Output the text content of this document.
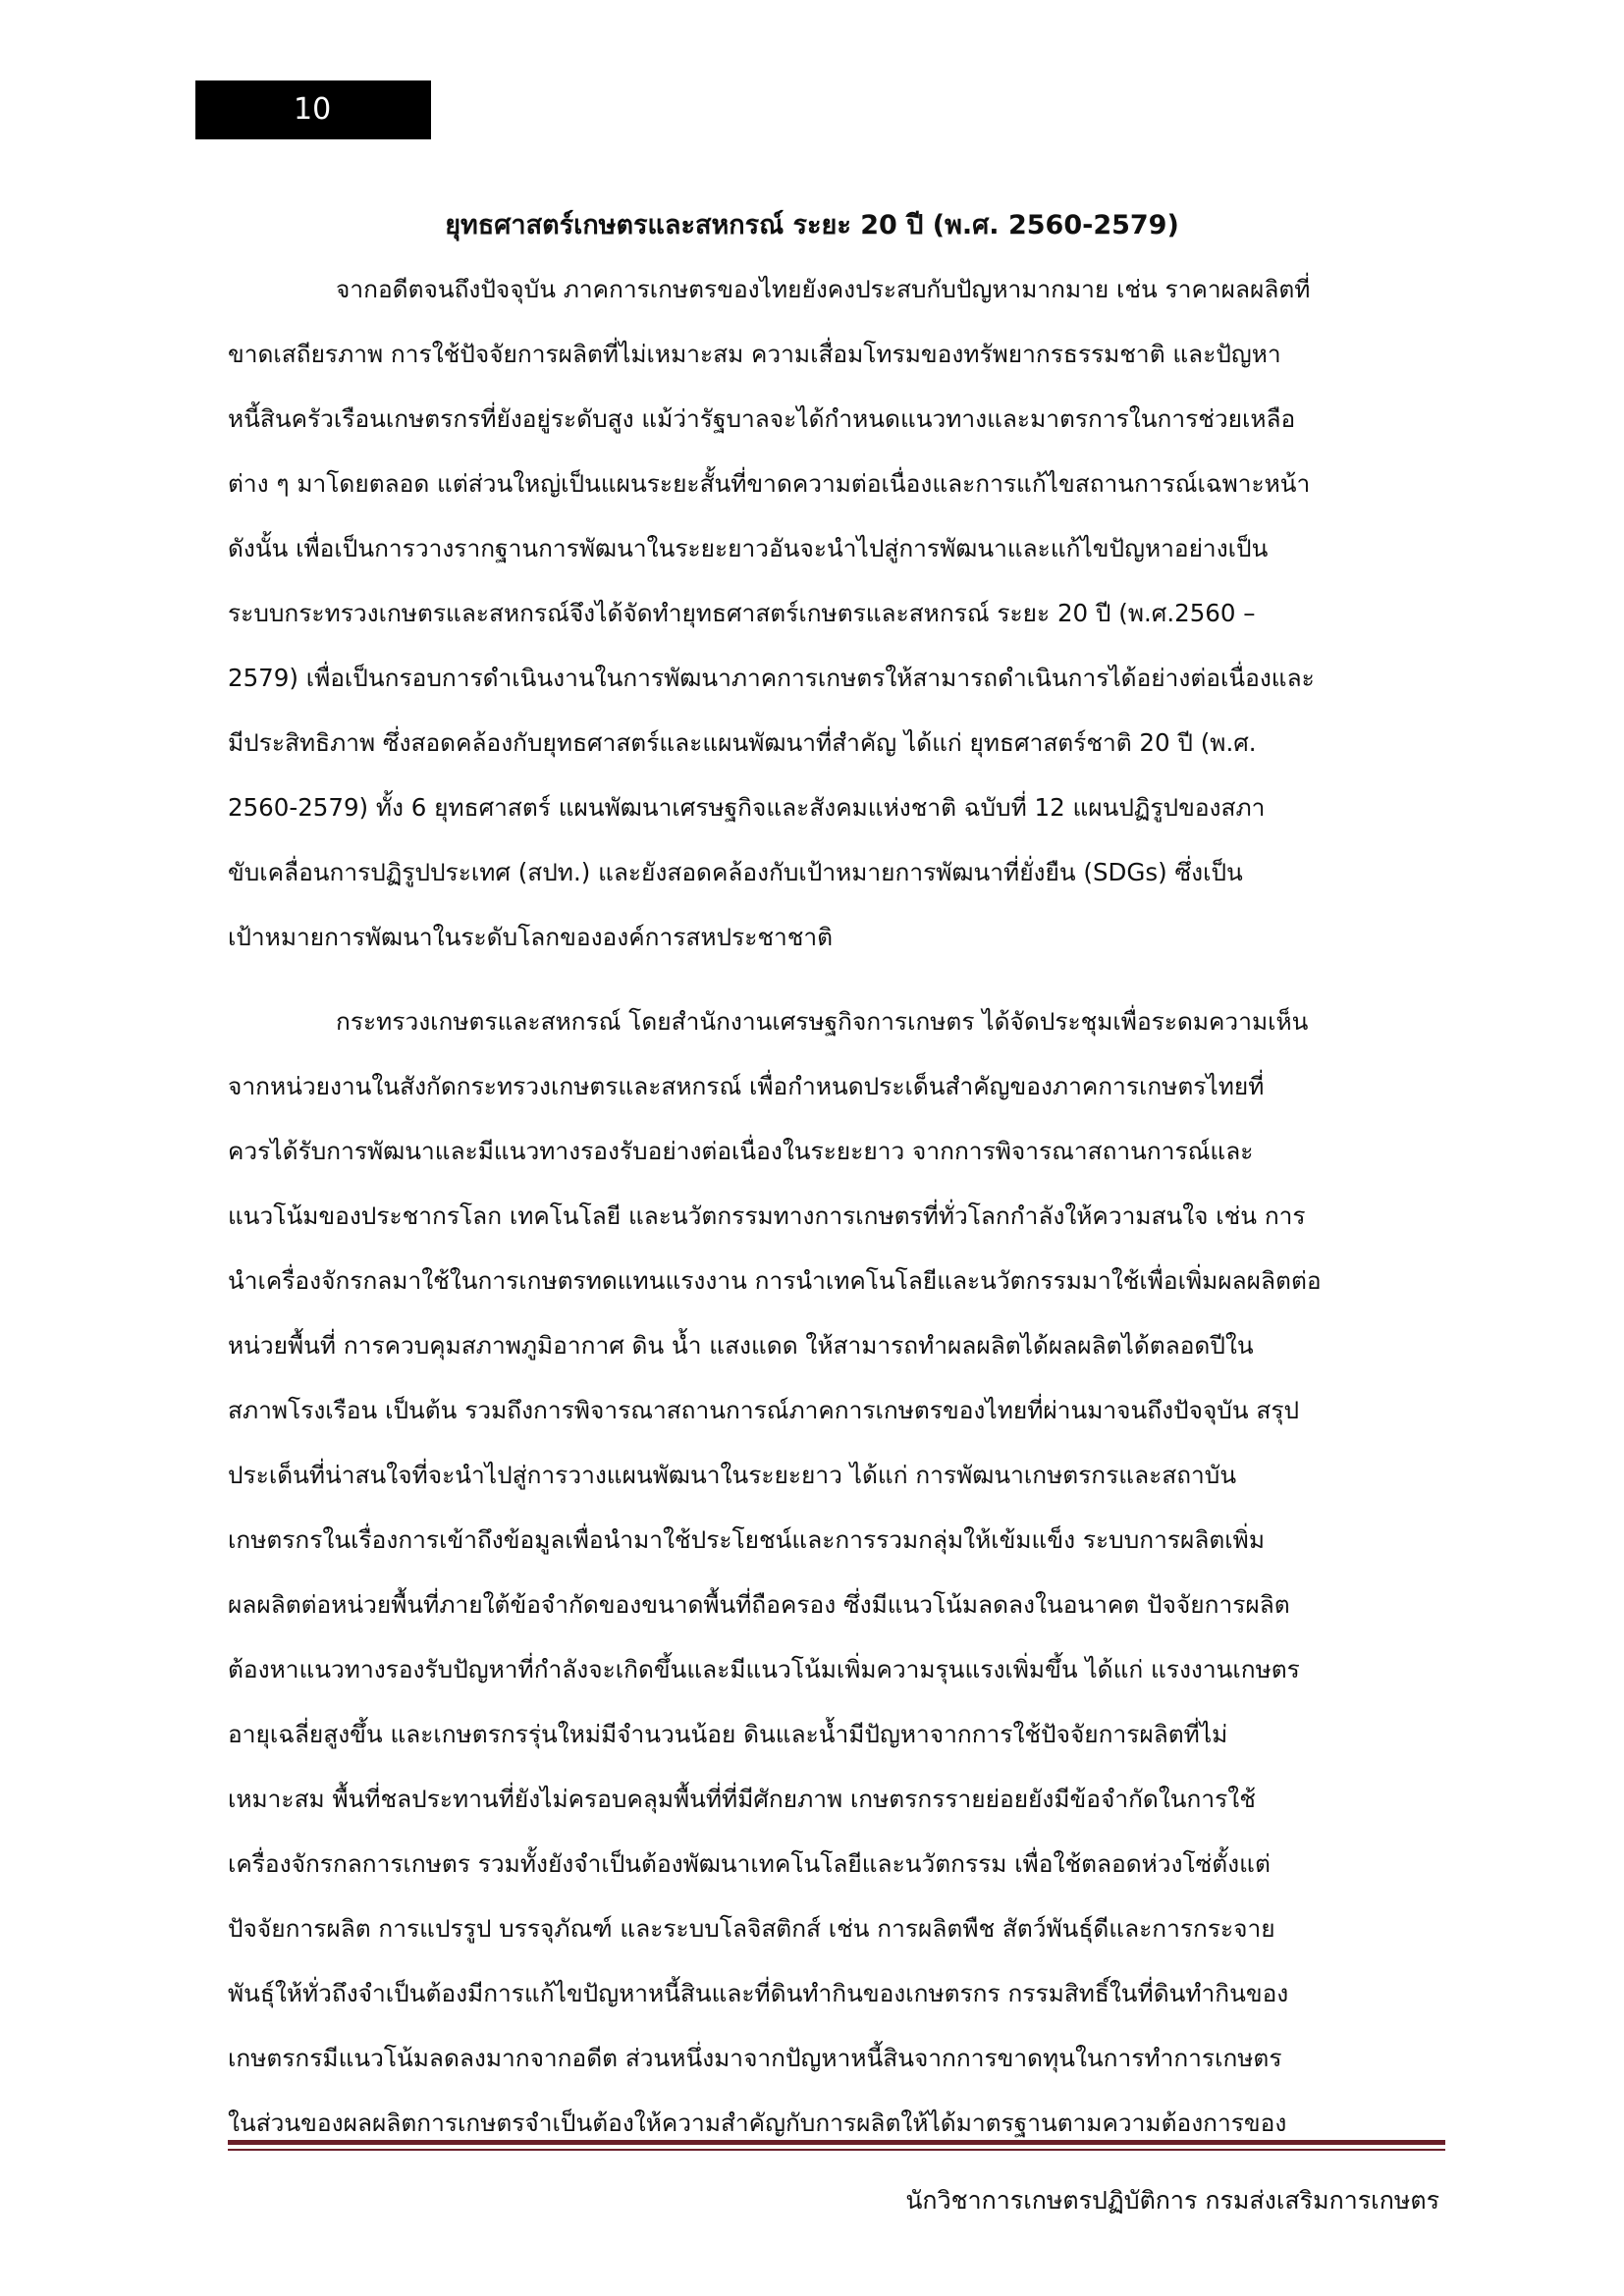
10
ยุทธศาสตร์เกษตรและสหกรณ์ ระยะ 20 ปี (พ.ศ. 2560-2579)
จากอดีตจนถึงปัจจุบัน ภาคการเกษตรของไทยยังคงประสบกับปัญหามากมาย เช่น ราคาผลผลิตที่
ขาดเสถียรภาพ การใช้ปัจจัยการผลิตที่ไม่เหมาะสม ความเสื่อมโทรมของทรัพยากรธรรมชาติ และปัญหา
หนี้สินครัวเรือนเกษตรกรที่ยังอยู่ระดับสูง แม้ว่ารัฐบาลจะได้กำหนดแนวทางและมาตรการในการช่วยเหลือ
ต่าง ๆ มาโดยตลอด แต่ส่วนใหญ่เป็นแผนระยะสั้นที่ขาดความต่อเนื่องและการแก้ไขสถานการณ์เฉพาะหน้า
ดังนั้น เพื่อเป็นการวางรากฐานการพัฒนาในระยะยาวอันจะนำไปสู่การพัฒนาและแก้ไขปัญหาอย่างเป็น
ระบบกระทรวงเกษตรและสหกรณ์จึงได้จัดทำยุทธศาสตร์เกษตรและสหกรณ์ ระยะ 20 ปี (พ.ศ.2560 –
2579) เพื่อเป็นกรอบการดำเนินงานในการพัฒนาภาคการเกษตรให้สามารถดำเนินการได้อย่างต่อเนื่องและ
มีประสิทธิภาพ ซึ่งสอดคล้องกับยุทธศาสตร์และแผนพัฒนาที่สำคัญ ได้แก่ ยุทธศาสตร์ชาติ 20 ปี (พ.ศ.
2560-2579) ทั้ง 6 ยุทธศาสตร์ แผนพัฒนาเศรษฐกิจและสังคมแห่งชาติ ฉบับที่ 12 แผนปฏิรูปของสภา
ขับเคลื่อนการปฏิรูปประเทศ (สปท.) และยังสอดคล้องกับเป้าหมายการพัฒนาที่ยั่งยืน (SDGs) ซึ่งเป็น
เป้าหมายการพัฒนาในระดับโลกขององค์การสหประชาชาติ
กระทรวงเกษตรและสหกรณ์ โดยสำนักงานเศรษฐกิจการเกษตร ได้จัดประชุมเพื่อระดมความเห็น
จากหน่วยงานในสังกัดกระทรวงเกษตรและสหกรณ์ เพื่อกำหนดประเด็นสำคัญของภาคการเกษตรไทยที่
ควรได้รับการพัฒนาและมีแนวทางรองรับอย่างต่อเนื่องในระยะยาว จากการพิจารณาสถานการณ์และ
แนวโน้มของประชากรโลก เทคโนโลยี และนวัตกรรมทางการเกษตรที่ทั่วโลกกำลังให้ความสนใจ เช่น การ
นำเครื่องจักรกลมาใช้ในการเกษตรทดแทนแรงงาน การนำเทคโนโลยีและนวัตกรรมมาใช้เพื่อเพิ่มผลผลิตต่อ
หน่วยพื้นที่ การควบคุมสภาพภูมิอากาศ ดิน น้ำ แสงแดด ให้สามารถทำผลผลิตได้ผลผลิตได้ตลอดปีใน
สภาพโรงเรือน เป็นต้น รวมถึงการพิจารณาสถานการณ์ภาคการเกษตรของไทยที่ผ่านมาจนถึงปัจจุบัน สรุป
ประเด็นที่น่าสนใจที่จะนำไปสู่การวางแผนพัฒนาในระยะยาว ได้แก่ การพัฒนาเกษตรกรและสถาบัน
เกษตรกรในเรื่องการเข้าถึงข้อมูลเพื่อนำมาใช้ประโยชน์และการรวมกลุ่มให้เข้มแข็ง ระบบการผลิตเพิ่ม
ผลผลิตต่อหน่วยพื้นที่ภายใต้ข้อจำกัดของขนาดพื้นที่ถือครอง ซึ่งมีแนวโน้มลดลงในอนาคต ปัจจัยการผลิต
ต้องหาแนวทางรองรับปัญหาที่กำลังจะเกิดขึ้นและมีแนวโน้มเพิ่มความรุนแรงเพิ่มขึ้น ได้แก่ แรงงานเกษตร
อายุเฉลี่ยสูงขึ้น และเกษตรกรรุ่นใหม่มีจำนวนน้อย ดินและน้ำมีปัญหาจากการใช้ปัจจัยการผลิตที่ไม่
เหมาะสม พื้นที่ชลประทานที่ยังไม่ครอบคลุมพื้นที่ที่มีศักยภาพ เกษตรกรรายย่อยยังมีข้อจำกัดในการใช้
เครื่องจักรกลการเกษตร รวมทั้งยังจำเป็นต้องพัฒนาเทคโนโลยีและนวัตกรรม เพื่อใช้ตลอดห่วงโซ่ตั้งแต่
ปัจจัยการผลิต การแปรรูป บรรจุภัณฑ์ และระบบโลจิสติกส์ เช่น การผลิตพืช สัตว์พันธุ์ดีและการกระจาย
พันธุ์ให้ทั่วถึงจำเป็นต้องมีการแก้ไขปัญหาหนี้สินและที่ดินทำกินของเกษตรกร กรรมสิทธิ์ในที่ดินทำกินของ
เกษตรกรมีแนวโน้มลดลงมากจากอดีต ส่วนหนึ่งมาจากปัญหาหนี้สินจากการขาดทุนในการทำการเกษตร
ในส่วนของผลผลิตการเกษตรจำเป็นต้องให้ความสำคัญกับการผลิตให้ได้มาตรฐานตามความต้องการของ
นักวิชาการเกษตรปฏิบัติการ กรมส่งเสริมการเกษตร
